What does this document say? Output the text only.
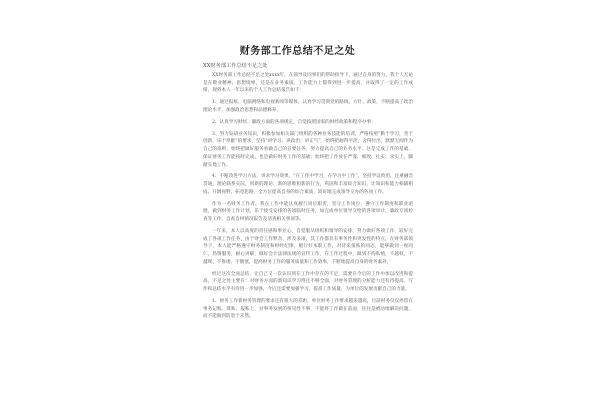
财务部工作总结不足之处
XX财务部工作总结不足之处

XX财务部工作总结不足之处xxxx年，在领导及同事们的帮助指导下，通过自身的努力，我个人无论是在敬业精神、思想境界，还是在业务素质、工作能力上都得到进一步提高，并取得了一定的工作成绩，现将本人一年以来的个人工作总结报告如下：

1、通过报纸、电脑网络和电视新闻等媒体，认真学习贯彻党的路线、方针、政策，不断提高了政治理论水平，加强政治思想和品德修养。

2、认真学习财经、廉政方面的各项规定，自觉按照国家的财经政策和程序办事。

3、努力钻研业务知识，积极参加相关部门组织的各种业务技能的培训，严格按照“勤于学习，善于创新，乐于奉献”的要求，坚持“讲学习、讲政治、讲正气”，始终把耐得平淡，舍得付出，默默无闻作为自己的准则，始终把做好服务看做自己的首要任务，努力提高自己的业务水平。这是完成工作的基础，保证财务工作能按时完成，也是做好财务工作的基础；始终把工作放在严谨、细致、扎实、求实上，脚踏实地工作。

4、不断改进学习方法，讲求学习效果，“在工作中学习，在学习中工作”，坚持学以致用，注重融会贯通，理论联系实际，用新的理论、新的思维和新的行为，巩固和丰富综合知识，让知识和能力相辅相成，开阔视野，拓宽思路，全方位提高自身的综合素质，较好地完成领导交办的各项工作。

作为一名财务工作者，我在工作中能认真履行岗位职责，坚守工作岗位，遵守工作制度和职业道德，做到财务工作计划，乐于接受安排的各项临时任务，如完成单位领导交给的各项审计、廉政专项检查等工作，自查自纠情况报告及清查相关事项等。

一年来，本人以高度的责任感和事业心，自觉服从组织和领导的安排，努力做好各项工作，较好完成了各项工作任务，由于财会工作繁杂，涉及多项，其工作都具有事务性和突发性的特点，在财务部领导下，本人能严格遵守财务制度和财经纪律，履行好本职工作，对待来报账的同志，能够做到一视同仁，热情服务，耐心讲解，做好会计法律法规的宣传工作，在工作过程中，做到不徇私情，不越权、不越规、不推诿、不搪塞，提高财务工作的服务质量和工作效率，不断地提高自身的财务素养。

经过这次全面总结，让自己又一次认识到在工作中存在的不足，需要在今后的工作中加以改进和提高。不足之处主要有：对财务方面的新知识学习得还不够全面，对财务管理的分析能力还有待提高，写作和总结水平有待进一步加强，今后还需要加强学习，提高工作质量，为单位的发展贡献自己的力量。

1、财务工作新财务管理的要求还有很大的差距，单位财务工作要求越来越高，目前财务仅仅停留在事务记账、算账、报账上，对事务发展的预见性不够，不能将工作做在前面，往往是被动地解决问题，而不能做到防患于未然。
